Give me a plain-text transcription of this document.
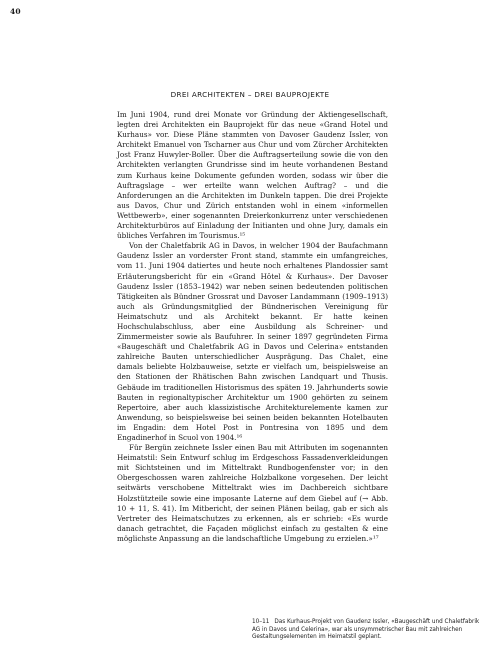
40
DREI ARCHITEKTEN – DREI BAUPROJEKTE

Im Juni 1904, rund drei Monate vor Gründung der Aktiengesellschaft, legten drei Architekten ein Bauprojekt für das neue «Grand Hotel und Kurhaus» vor. Diese Pläne stammten von Davoser Gaudenz Issler, von Architekt Emanuel von Tscharner aus Chur und vom Zürcher Architekten Jost Franz Huwyler-Boller. Über die Auftragserteilung sowie die von den Architekten verlangten Grundrisse sind im heute vorhandenen Bestand zum Kurhaus keine Dokumente gefunden worden, sodass wir über die Auftragslage – wer erteilte wann welchen Auftrag? – und die Anforderungen an die Architekten im Dunkeln tappen. Die drei Projekte aus Davos, Chur und Zürich entstanden wohl in einem «informellen Wettbewerb», einer sogenannten Dreierkonkurrenz unter verschiedenen Architekturbüros auf Einladung der Initianten und ohne Jury, damals ein übliches Verfahren im Tourismus.¹⁵

Von der Chaletfabrik AG in Davos, in welcher 1904 der Baufachmann Gaudenz Issler an vorderster Front stand, stammte ein umfangreiches, vom 11. Juni 1904 datiertes und heute noch erhaltenes Plandossier samt Erläuterungsbericht für ein «Grand Hôtel & Kurhaus». Der Davoser Gaudenz Issler (1853–1942) war neben seinen bedeutenden politischen Tätigkeiten als Bündner Grossrat und Davoser Landammann (1909–1913) auch als Gründungsmitglied der Bündnerischen Vereinigung für Heimatschutz und als Architekt bekannt. Er hatte keinen Hochschulabschluss, aber eine Ausbildung als Schreiner- und Zimmermeister sowie als Baufuhrer. In seiner 1897 gegründeten Firma «Baugeschäft und Chaletfabrik AG in Davos und Celerina» entstanden zahlreiche Bauten unterschiedlicher Ausprägung. Das Chalet, eine damals beliebte Holzbauweise, setzte er vielfach um, beispielsweise an den Stationen der Rhätischen Bahn zwischen Landquart und Thusis. Gebäude im traditionellen Historismus des späten 19. Jahrhunderts sowie Bauten in regionaltypischer Architektur um 1900 gehörten zu seinem Repertoire, aber auch klassizistische Architekturelemente kamen zur Anwendung, so beispielsweise bei seinen beiden bekannten Hotelbauten im Engadin: dem Hotel Post in Pontresina von 1895 und dem Engadinerhof in Scuol von 1904.¹⁶

Für Bergün zeichnete Issler einen Bau mit Attributen im sogenannten Heimatstil: Sein Entwurf schlug im Erdgeschoss Fassadenverkleidungen mit Sichtsteinen und im Mitteltrakt Rundbogenfenster vor; in den Obergeschossen waren zahlreiche Holzbalkone vorgesehen. Der leicht seitwärts verschobene Mitteltrakt wies im Dachbereich sichtbare Holzstützteile sowie eine imposante Laterne auf dem Giebel auf (→ Abb. 10 + 11, S. 41). Im Mitbericht, der seinen Plänen beilag, gab er sich als Vertreter des Heimatschutzes zu erkennen, als er schrieb: «Es wurde danach getrachtet, die Façaden möglichst einfach zu gestalten & eine möglichste Anpassung an die landschaftliche Umgebung zu erzielen.»¹⁷

10–11 Das Kurhaus-Projekt von Gaudenz Issler, «Baugeschäft und Chaletfabrik AG in Davos und Celerina», war als unsymmetrischer Bau mit zahlreichen Gestaltungselementen im Heimatstil geplant.
